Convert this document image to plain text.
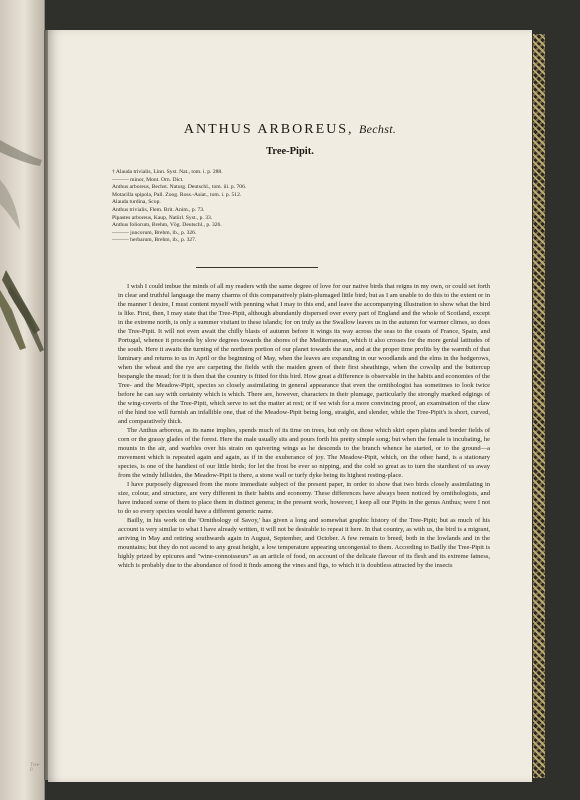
Tree-P.
ANTHUS ARBOREUS, Bechst.
Tree-Pipit.
† Alauda trivialis, Linn. Syst. Nat., tom. i. p. 288.
——— minor, Mont. Orn. Dict.
Anthus arboreus, Bechst. Naturg. Deutschl., tom. iii. p. 706.
Motacilla spipola, Pall. Zoog. Ross.-Asiat., tom. i. p. 512.
Alauda turdina, Scop.
Anthus trivialis, Flem. Brit. Anim., p. 73.
Pipastes arboreus, Kaup, Natürl. Syst., p. 33.
Anthus foliorum, Brehm, Vög. Deutschl., p. 326.
——— juncorum, Brehm, ib., p. 326.
——— herbarum, Brehm, ib., p. 327.

I wish I could imbue the minds of all my readers with the same degree of love for our native birds that reigns in my own, or could set forth in clear and truthful language the many charms of this comparatively plain-plumaged little bird; but as I am unable to do this to the extent or in the manner I desire, I must content myself with penning what I may to this end, and leave the accompanying illustration to show what the bird is like. First, then, I may state that the Tree-Pipit, although abundantly dispersed over every part of England and the whole of Scotland, except in the extreme north, is only a summer visitant to these islands; for on truly as the Swallow leaves us in the autumn for warmer climes, so does the Tree-Pipit. It will not even await the chilly blasts of autumn before it wings its way across the seas to the coasts of France, Spain, and Portugal, whence it proceeds by slow degrees towards the shores of the Mediterranean, which it also crosses for the more genial latitudes of the south. Here it awaits the turning of the northern portion of our planet towards the sun, and at the proper time profits by the warmth of that luminary and returns to us in April or the beginning of May, when the leaves are expanding in our woodlands and the elms in the hedgerows, when the wheat and the rye are carpeting the fields with the maiden green of their first sheathings, when the cowslip and the buttercup bespangle the mead; for it is then that the country is fitted for this bird. How great a difference is observable in the habits and economies of the Tree- and the Meadow-Pipit, species so closely assimilating in general appearance that even the ornithologist has sometimes to look twice before he can say with certainty which is which. There are, however, characters in their plumage, particularly the strongly marked edgings of the wing-coverts of the Tree-Pipit, which serve to set the matter at rest; or if we wish for a more convincing proof, an examination of the claw of the hind toe will furnish an infallible one, that of the Meadow-Pipit being long, straight, and slender, while the Tree-Pipit's is short, curved, and comparatively thick.

The Anthus arboreus, as its name implies, spends much of its time on trees, but only on those which skirt open plains and border fields of corn or the grassy glades of the forest. Here the male usually sits and pours forth his pretty simple song; but when the female is incubating, he mounts in the air, and warbles over his strain on quivering wings as he descends to the branch whence he started, or to the ground—a movement which is repeated again and again, as if in the exuberance of joy. The Meadow-Pipit, which, on the other hand, is a stationary species, is one of the handiest of our little birds; for let the frost be ever so nipping, and the cold so great as to turn the stardiest of us away from the windy hillsides, the Meadow-Pipit is there, a stone wall or turfy dyke being its highest resting-place.

I have purposely digressed from the more immediate subject of the present paper, in order to show that two birds closely assimilating in size, colour, and structure, are very different in their habits and economy. These differences have always been noticed by ornithologists, and have induced some of them to place them in distinct genera; in the present work, however, I keep all our Pipits in the genus Anthus; were I not to do so every species would have a different generic name.

Bailly, in his work on the 'Ornithology of Savoy,' has given a long and somewhat graphic history of the Tree-Pipit; but as much of his account is very similar to what I have already written, it will not be desirable to repeat it here. In that country, as with us, the bird is a migrant, arriving in May and retiring southwards again in August, September, and October. A few remain to breed, both in the lowlands and in the mountains; but they do not ascend to any great height, a low temperature appearing uncongenial to them. According to Bailly the Tree-Pipit is highly prized by epicures and "wine-connoisseurs" as an article of food, on account of the delicate flavour of its flesh and its extreme fatness, which is probably due to the abundance of food it finds among the vines and figs, to which it is doubtless attracted by the insects
